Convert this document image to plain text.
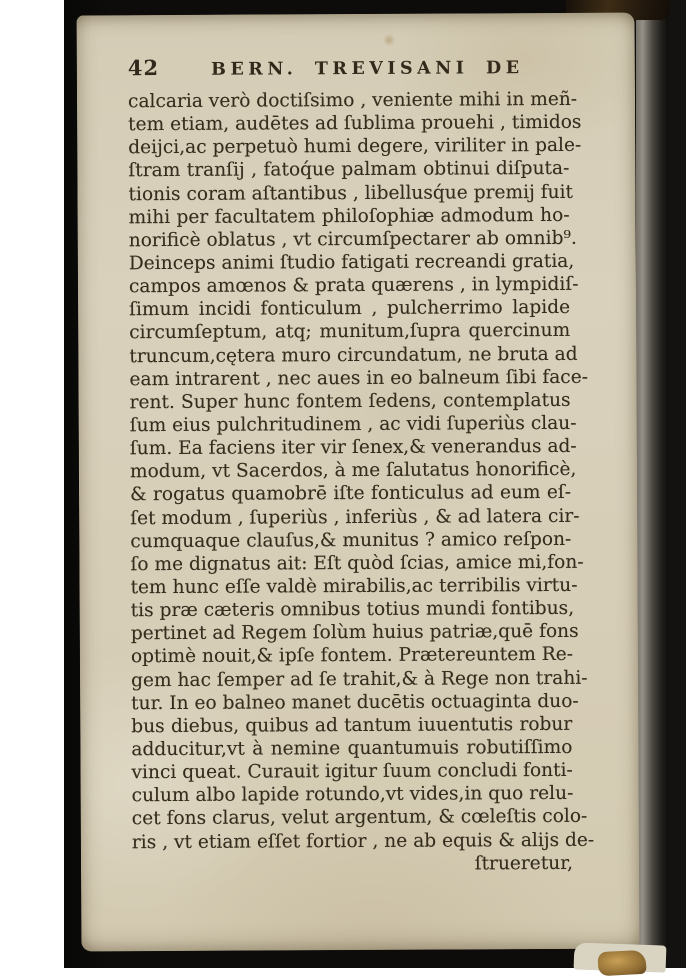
42	BERN. TREVISANI DE
calcaria verò doctiſsimo , veniente mihi in meñ-
tem etiam, audētes ad ſublima prouehi , timidos
deijci,ac perpetuò humi degere, viriliter in pale-
ſtram tranſij , fatoq́ue palmam obtinui diſputa-
tionis coram aſtantibus , libellusq́ue premij fuit
mihi per facultatem philoſophiæ admodum ho-
norificè oblatus , vt circumſpectarer ab omnib⁹.
Deinceps animi ſtudio fatigati recreandi gratia,
campos amœnos & prata quærens , in lympidiſ-
ſimum incidi fonticulum , pulcherrimo lapide
circumſeptum, atq; munitum,ſupra quercinum
truncum,cętera muro circundatum, ne bruta ad
eam intrarent , nec aues in eo balneum ſibi face-
rent. Super hunc fontem ſedens, contemplatus
ſum eius pulchritudinem , ac vidi ſuperiùs clau-
ſum. Ea faciens iter vir ſenex,& venerandus ad-
modum, vt Sacerdos, à me ſalutatus honorificè,
& rogatus quamobrē iſte fonticulus ad eum eſ-
ſet modum , ſuperiùs , inferiùs , & ad latera cir-
cumquaque clauſus,& munitus ? amico reſpon-
ſo me dignatus ait: Eſt quòd ſcias, amice mi,fon-
tem hunc eſſe valdè mirabilis,ac terribilis virtu-
tis præ cæteris omnibus totius mundi fontibus,
pertinet ad Regem ſolùm huius patriæ,quē fons
optimè nouit,& ipſe fontem. Prætereuntem Re-
gem hac ſemper ad ſe trahit,& à Rege non trahi-
tur. In eo balneo manet ducētis octuaginta duo-
bus diebus, quibus ad tantum iuuentutis robur
adducitur,vt à nemine quantumuis robutiſſimo
vinci queat. Curauit igitur ſuum concludi fonti-
culum albo lapide rotundo,vt vides,in quo relu-
cet fons clarus, velut argentum, & cœleſtis colo-
ris , vt etiam eſſet fortior , ne ab equis & alijs de-
ſtrueretur,
